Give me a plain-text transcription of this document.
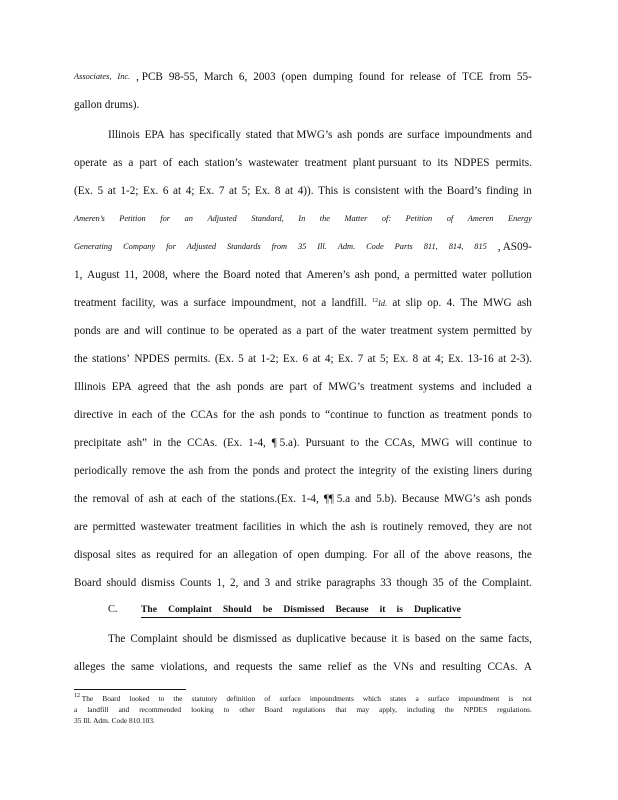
Associates, Inc. , PCB 98-55, March 6, 2003 (open dumping found for release of TCE from 55-
gallon drums).
Illinois EPA has specifically stated that MWG’s ash ponds are surface impoundments and
operate as a part of each station’s wastewater treatment plant pursuant to its NDPES permits.
(Ex. 5 at 1-2; Ex. 6 at 4; Ex. 7 at 5; Ex. 8 at 4)). This is consistent with the Board’s finding in
Ameren’s Petition for an Adjusted Standard, In the Matter of: Petition of Ameren Energy
Generating Company for Adjusted Standards from 35 Ill. Adm. Code Parts 811, 814, 815 , AS09-
1, August 11, 2008, where the Board noted that Ameren’s ash pond, a permitted water pollution
treatment facility, was a surface impoundment, not a landfill. $^{12}$Id. at slip op. 4. The MWG ash
ponds are and will continue to be operated as a part of the water treatment system permitted by
the stations’ NPDES permits. (Ex. 5 at 1-2; Ex. 6 at 4; Ex. 7 at 5; Ex. 8 at 4; Ex. 13-16 at 2-3).
Illinois EPA agreed that the ash ponds are part of MWG’s treatment systems and included a
directive in each of the CCAs for the ash ponds to “continue to function as treatment ponds to
precipitate ash” in the CCAs. (Ex. 1-4, ¶ 5.a). Pursuant to the CCAs, MWG will continue to
periodically remove the ash from the ponds and protect the integrity of the existing liners during
the removal of ash at each of the stations.(Ex. 1-4, ¶¶ 5.a and 5.b). Because MWG’s ash ponds
are permitted wastewater treatment facilities in which the ash is routinely removed, they are not
disposal sites as required for an allegation of open dumping. For all of the above reasons, the
Board should dismiss Counts 1, 2, and 3 and strike paragraphs 33 though 35 of the Complaint.
C. The Complaint Should be Dismissed Because it is Duplicative
The Complaint should be dismissed as duplicative because it is based on the same facts,
alleges the same violations, and requests the same relief as the VNs and resulting CCAs. A
$^{12}$ The Board looked to the statutory definition of surface impoundments which states a surface impoundment is not
a landfill and recommended looking to other Board regulations that may apply, including the NPDES regulations.
35 Ill. Adm. Code 810.103.
